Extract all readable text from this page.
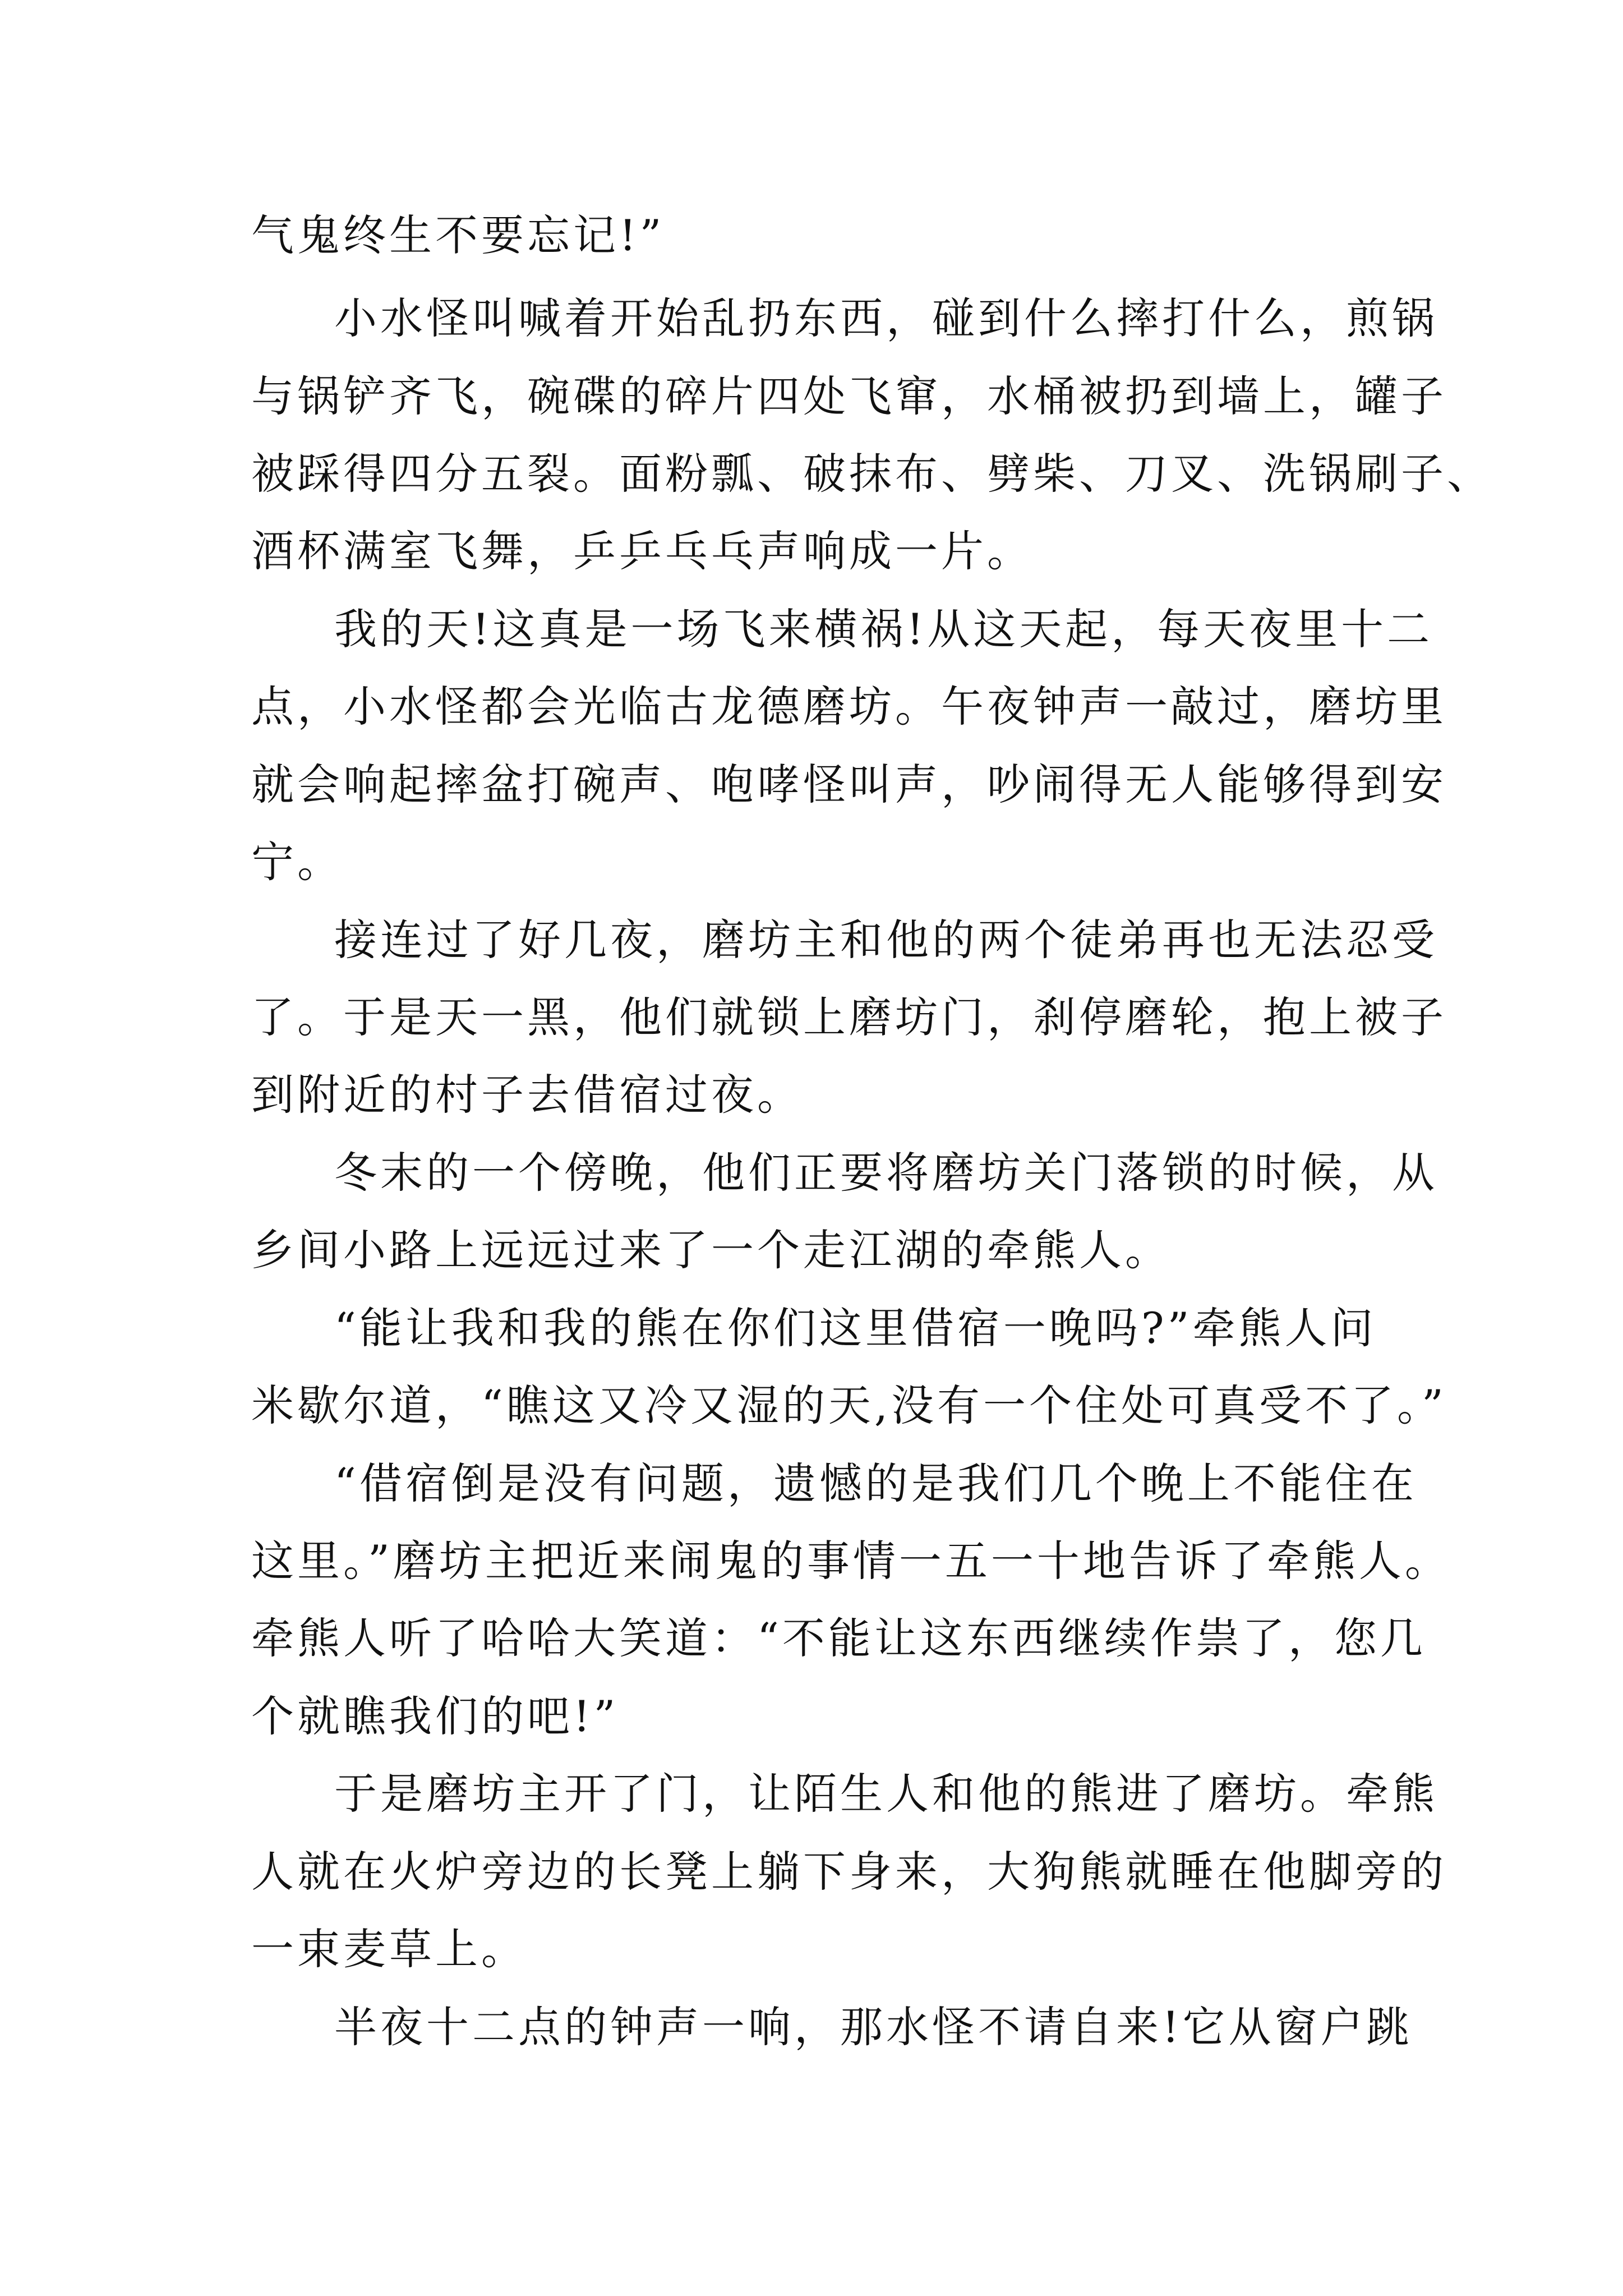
气鬼终生不要忘记!”
小水怪叫喊着开始乱扔东西，碰到什么摔打什么，煎锅
与锅铲齐飞，碗碟的碎片四处飞窜，水桶被扔到墙上，罐子
被踩得四分五裂。面粉瓢、破抹布、劈柴、刀叉、洗锅刷子、
酒杯满室飞舞，乒乒乓乓声响成一片。
我的天!这真是一场飞来横祸!从这天起，每天夜里十二
点，小水怪都会光临古龙德磨坊。午夜钟声一敲过，磨坊里
就会响起摔盆打碗声、咆哮怪叫声，吵闹得无人能够得到安
宁。
接连过了好几夜，磨坊主和他的两个徒弟再也无法忍受
了。于是天一黑，他们就锁上磨坊门，刹停磨轮，抱上被子
到附近的村子去借宿过夜。
冬末的一个傍晚，他们正要将磨坊关门落锁的时候，从
乡间小路上远远过来了一个走江湖的牵熊人。
“能让我和我的熊在你们这里借宿一晚吗?”牵熊人问
米歇尔道，“瞧这又冷又湿的天,没有一个住处可真受不了。”
“借宿倒是没有问题，遗憾的是我们几个晚上不能住在
这里。”磨坊主把近来闹鬼的事情一五一十地告诉了牵熊人。
牵熊人听了哈哈大笑道：“不能让这东西继续作祟了，您几
个就瞧我们的吧!”
于是磨坊主开了门，让陌生人和他的熊进了磨坊。牵熊
人就在火炉旁边的长凳上躺下身来，大狗熊就睡在他脚旁的
一束麦草上。
半夜十二点的钟声一响，那水怪不请自来!它从窗户跳
